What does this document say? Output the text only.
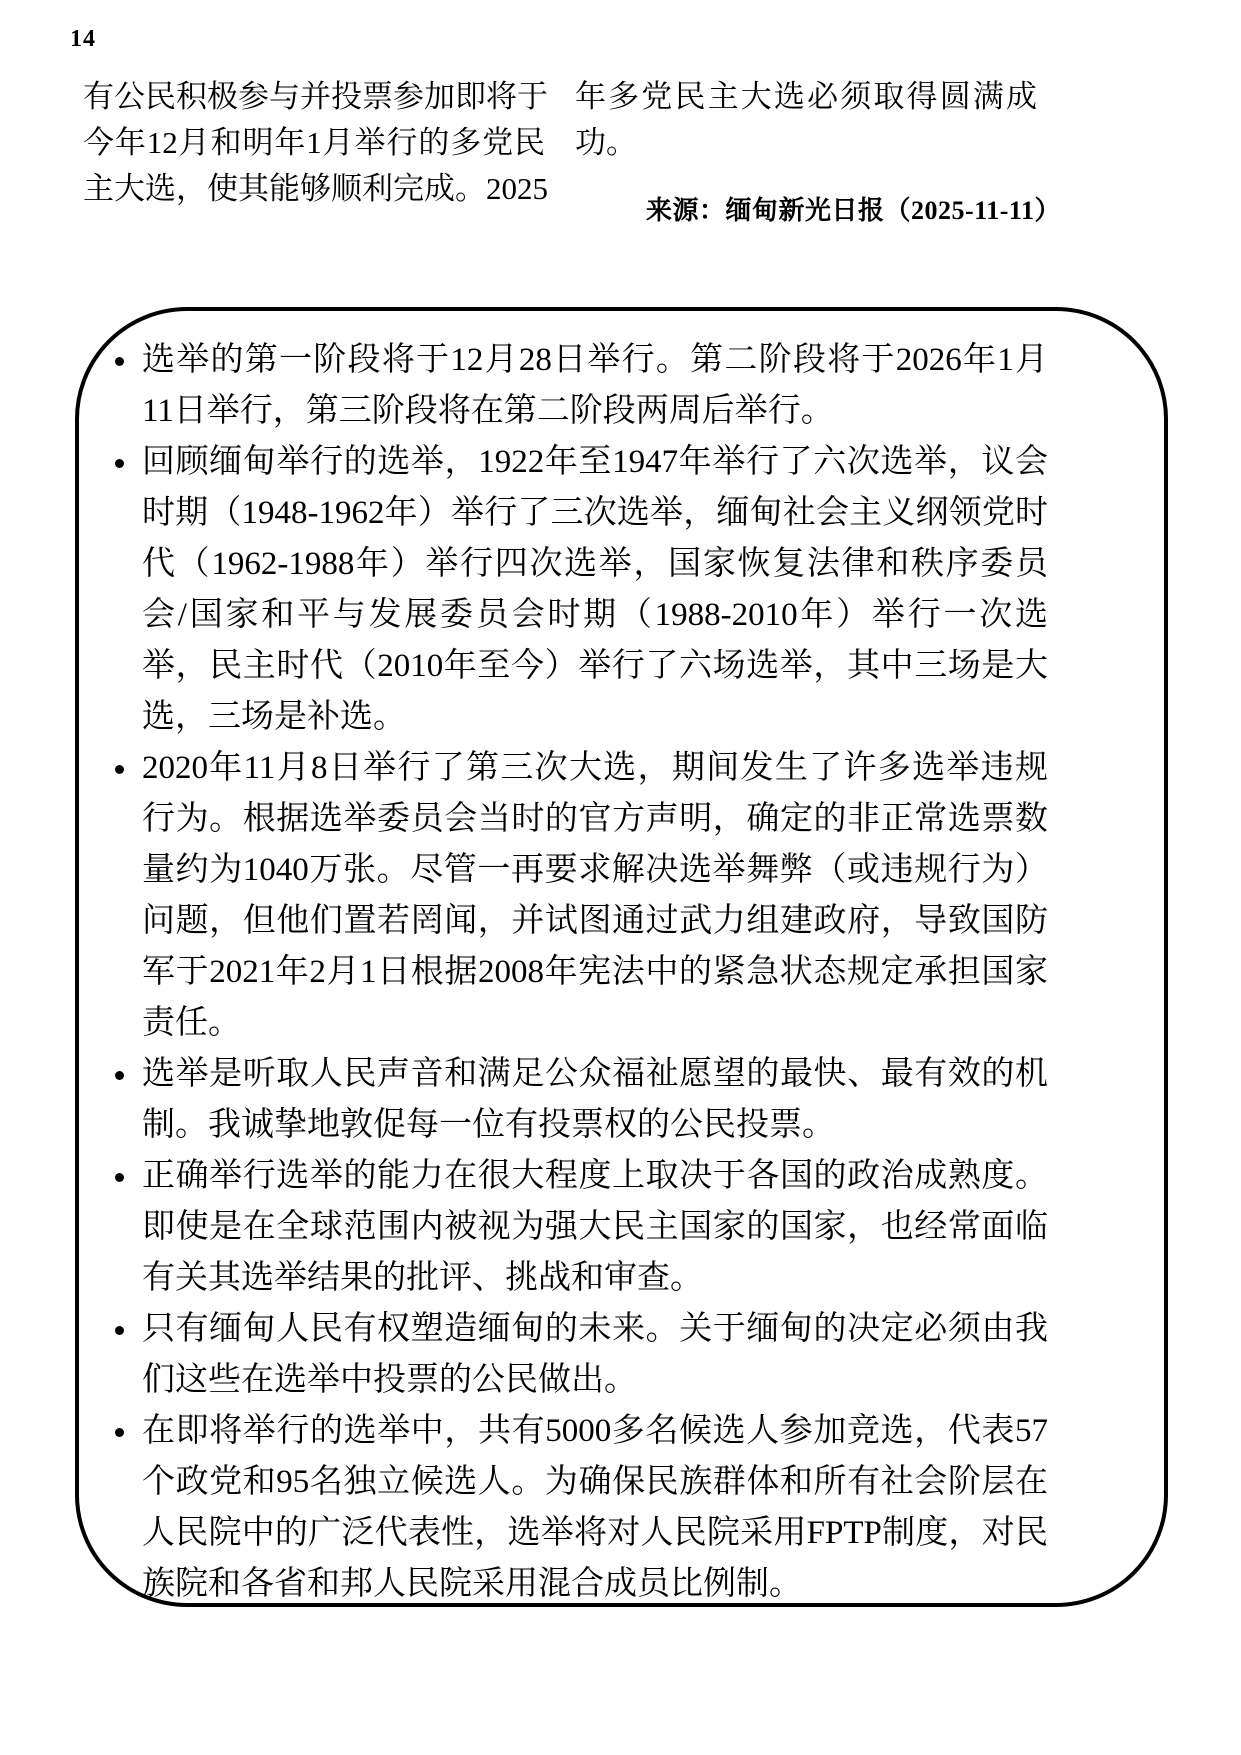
14
有公民积极参与并投票参加即将于
今年12月和明年1月举行的多党民
主大选，使其能够顺利完成。2025
年多党民主大选必须取得圆满成
功。
来源：缅甸新光日报（2025-11-11）
选举的第一阶段将于12月28日举行。第二阶段将于2026年1月11日举行，第三阶段将在第二阶段两周后举行。
回顾缅甸举行的选举，1922年至1947年举行了六次选举，议会时期（1948-1962年）举行了三次选举，缅甸社会主义纲领党时代（1962-1988年）举行四次选举，国家恢复法律和秩序委员会/国家和平与发展委员会时期（1988-2010年）举行一次选举，民主时代（2010年至今）举行了六场选举，其中三场是大选，三场是补选。
2020年11月8日举行了第三次大选，期间发生了许多选举违规行为。根据选举委员会当时的官方声明，确定的非正常选票数量约为1040万张。尽管一再要求解决选举舞弊（或违规行为）问题，但他们置若罔闻，并试图通过武力组建政府，导致国防军于2021年2月1日根据2008年宪法中的紧急状态规定承担国家责任。
选举是听取人民声音和满足公众福祉愿望的最快、最有效的机制。我诚挚地敦促每一位有投票权的公民投票。
正确举行选举的能力在很大程度上取决于各国的政治成熟度。即使是在全球范围内被视为强大民主国家的国家，也经常面临有关其选举结果的批评、挑战和审查。
只有缅甸人民有权塑造缅甸的未来。关于缅甸的决定必须由我们这些在选举中投票的公民做出。
在即将举行的选举中，共有5000多名候选人参加竞选，代表57个政党和95名独立候选人。为确保民族群体和所有社会阶层在人民院中的广泛代表性，选举将对人民院采用FPTP制度，对民族院和各省和邦人民院采用混合成员比例制。
